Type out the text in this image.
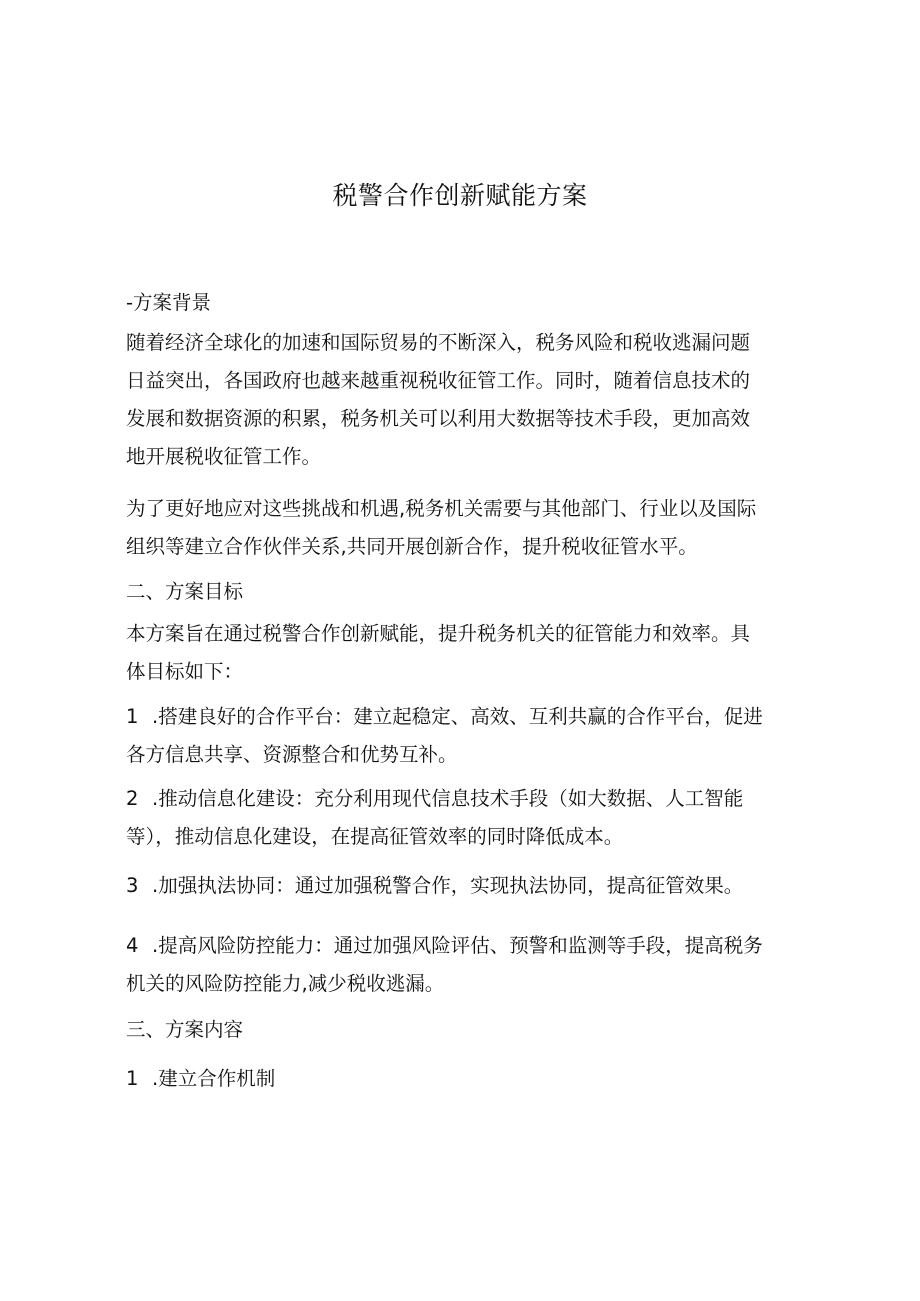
税警合作创新赋能方案
-方案背景
随着经济全球化的加速和国际贸易的不断深入，税务风险和税收逃漏问题
日益突出，各国政府也越来越重视税收征管工作。同时，随着信息技术的
发展和数据资源的积累，税务机关可以利用大数据等技术手段，更加高效
地开展税收征管工作。
为了更好地应对这些挑战和机遇,税务机关需要与其他部门、行业以及国际
组织等建立合作伙伴关系,共同开展创新合作，提升税收征管水平。
二、方案目标
本方案旨在通过税警合作创新赋能，提升税务机关的征管能力和效率。具
体目标如下：
1 .搭建良好的合作平台：建立起稳定、高效、互利共赢的合作平台，促进
各方信息共享、资源整合和优势互补。
2 .推动信息化建设：充分利用现代信息技术手段（如大数据、人工智能
等），推动信息化建设，在提高征管效率的同时降低成本。
3 .加强执法协同：通过加强税警合作，实现执法协同，提高征管效果。
4 .提高风险防控能力：通过加强风险评估、预警和监测等手段，提高税务
机关的风险防控能力,减少税收逃漏。
三、方案内容
1 .建立合作机制
